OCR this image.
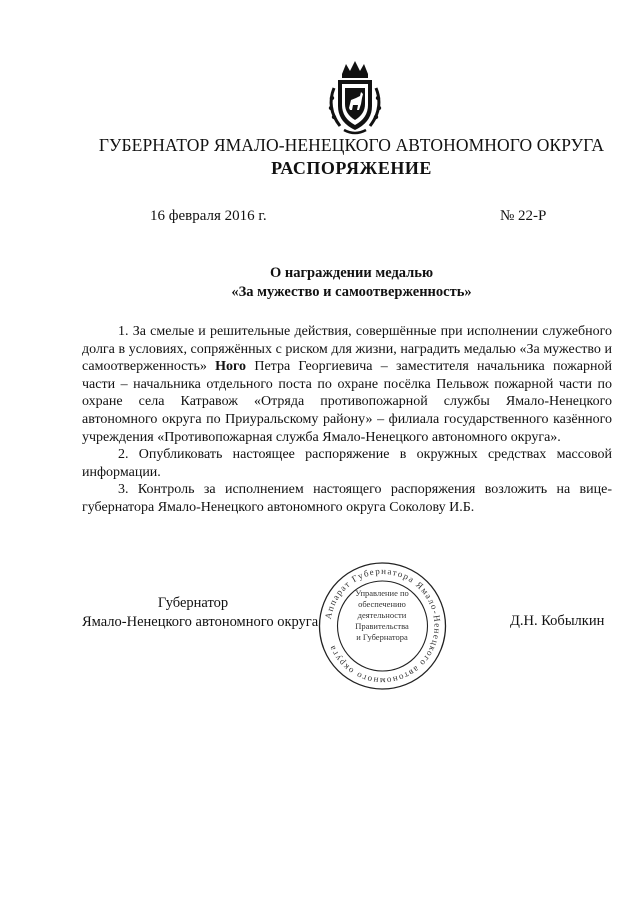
ГУБЕРНАТОР ЯМАЛО-НЕНЕЦКОГО АВТОНОМНОГО ОКРУГА
РАСПОРЯЖЕНИЕ
16 февраля 2016 г.	№ 22-Р
О награждении медалью
«За мужество и самоотверженность»

1. За смелые и решительные действия, совершённые при исполнении служебного долга в условиях, сопряжённых с риском для жизни, наградить медалью «За мужество и самоотверженность» Ного Петра Георгиевича – заместителя начальника пожарной части – начальника отдельного поста по охране посёлка Пельвож пожарной части по охране села Катравож «Отряда противопожарной службы Ямало-Ненецкого автономного округа по Приуральскому району» – филиала государственного казённого учреждения «Противопожарная служба Ямало-Ненецкого автономного округа».

2. Опубликовать настоящее распоряжение в окружных средствах массовой информации.

3. Контроль за исполнением настоящего распоряжения возложить на вице-губернатора Ямало-Ненецкого автономного округа Соколову И.Б.

Губернатор
Ямало-Ненецкого автономного округа Аппарат Губернатора Ямало-Ненецкого автономного округа
Управление по
обеспечению
деятельности
Правительства
и Губернатора
Д.Н. Кобылкин
